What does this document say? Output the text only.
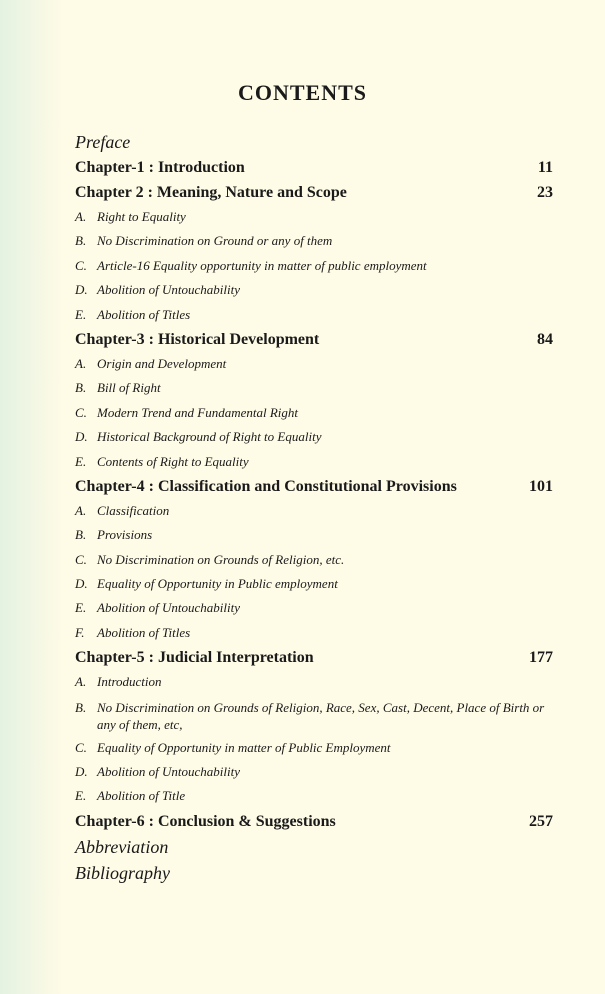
CONTENTS
Preface
Chapter-1 : Introduction	11
Chapter 2 : Meaning, Nature and Scope	23
A. Right to Equality
B. No Discrimination on Ground or any of them
C. Article-16 Equality opportunity in matter of public employment
D. Abolition of Untouchability
E. Abolition of Titles
Chapter-3 : Historical Development	84
A. Origin and Development
B. Bill of Right
C. Modern Trend and Fundamental Right
D. Historical Background of Right to Equality
E. Contents of Right to Equality
Chapter-4 : Classification and Constitutional Provisions	101
A. Classification
B. Provisions
C. No Discrimination on Grounds of Religion, etc.
D. Equality of Opportunity in Public employment
E. Abolition of Untouchability
F. Abolition of Titles
Chapter-5 : Judicial Interpretation	177
A. Introduction
B. No Discrimination on Grounds of Religion, Race, Sex, Cast, Decent, Place of Birth or any of them, etc,
C. Equality of Opportunity in matter of Public Employment
D. Abolition of Untouchability
E. Abolition of Title
Chapter-6 : Conclusion & Suggestions	257
Abbreviation
Bibliography
